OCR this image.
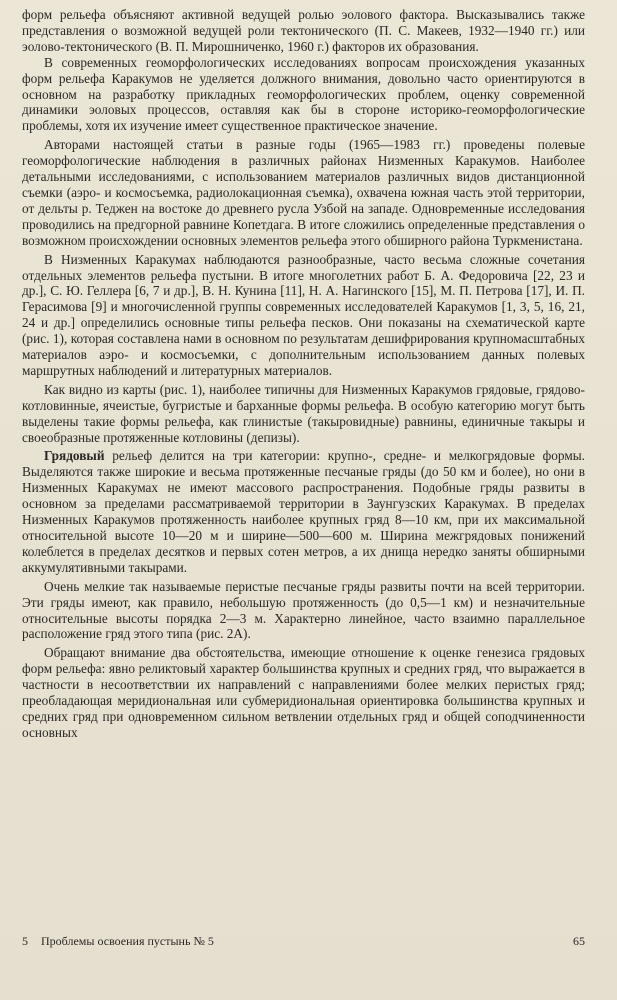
форм рельефа объясняют активной ведущей ролью эолового фактора. Высказывались также представления о возможной ведущей роли тектонического (П. С. Макеев, 1932—1940 гг.) или эолово-тектонического (В. П. Мирошниченко, 1960 г.) факторов их образования.

В современных геоморфологических исследованиях вопросам происхождения указанных форм рельефа Каракумов не уделяется должного внимания, довольно часто ориентируются в основном на разработку прикладных геоморфологических проблем, оценку современной динамики эоловых процессов, оставляя как бы в стороне историко-геоморфологические проблемы, хотя их изучение имеет существенное практическое значение.

Авторами настоящей статьи в разные годы (1965—1983 гг.) проведены полевые геоморфологические наблюдения в различных районах Низменных Каракумов. Наиболее детальными исследованиями, с использованием материалов различных видов дистанционной съемки (аэро- и космосъемка, радиолокационная съемка), охвачена южная часть этой территории, от дельты р. Теджен на востоке до древнего русла Узбой на западе. Одновременные исследования проводились на предгорной равнине Копетдага. В итоге сложились определенные представления о возможном происхождении основных элементов рельефа этого обширного района Туркменистана.

В Низменных Каракумах наблюдаются разнообразные, часто весьма сложные сочетания отдельных элементов рельефа пустыни. В итоге многолетних работ Б. А. Федоровича [22, 23 и др.], С. Ю. Геллера [6, 7 и др.], В. Н. Кунина [11], Н. А. Нагинского [15], М. П. Петрова [17], И. П. Герасимова [9] и многочисленной группы современных исследователей Каракумов [1, 3, 5, 16, 21, 24 и др.] определились основные типы рельефа песков. Они показаны на схематической карте (рис. 1), которая составлена нами в основном по результатам дешифрирования крупномасштабных материалов аэро- и космосъемки, с дополнительным использованием данных полевых маршрутных наблюдений и литературных материалов.

Как видно из карты (рис. 1), наиболее типичны для Низменных Каракумов грядовые, грядово-котловинные, ячеистые, бугристые и барханные формы рельефа. В особую категорию могут быть выделены такие формы рельефа, как глинистые (такыровидные) равнины, единичные такыры и своеобразные протяженные котловины (депизы).

Грядовый рельеф делится на три категории: крупно-, средне- и мелкогрядовые формы. Выделяются также широкие и весьма протяженные песчаные гряды (до 50 км и более), но они в Низменных Каракумах не имеют массового распространения. Подобные гряды развиты в основном за пределами рассматриваемой территории в Заунгузских Каракумах. В пределах Низменных Каракумов протяженность наиболее крупных гряд 8—10 км, при их максимальной относительной высоте 10—20 м и ширине—500—600 м. Ширина межгрядовых понижений колеблется в пределах десятков и первых сотен метров, а их днища нередко заняты обширными аккумулятивными такырами.

Очень мелкие так называемые перистые песчаные гряды развиты почти на всей территории. Эти гряды имеют, как правило, небольшую протяженность (до 0,5—1 км) и незначительные относительные высоты порядка 2—3 м. Характерно линейное, часто взаимно параллельное расположение гряд этого типа (рис. 2А).

Обращают внимание два обстоятельства, имеющие отношение к оценке генезиса грядовых форм рельефа: явно реликтовый характер большинства крупных и средних гряд, что выражается в частности в несоответствии их направлений с направлениями более мелких перистых гряд; преобладающая меридиональная или субмеридиональная ориентировка большинства крупных и средних гряд при одновременном сильном ветвлении отдельных гряд и общей соподчиненности основных

5 Проблемы освоения пустынь № 5	65
